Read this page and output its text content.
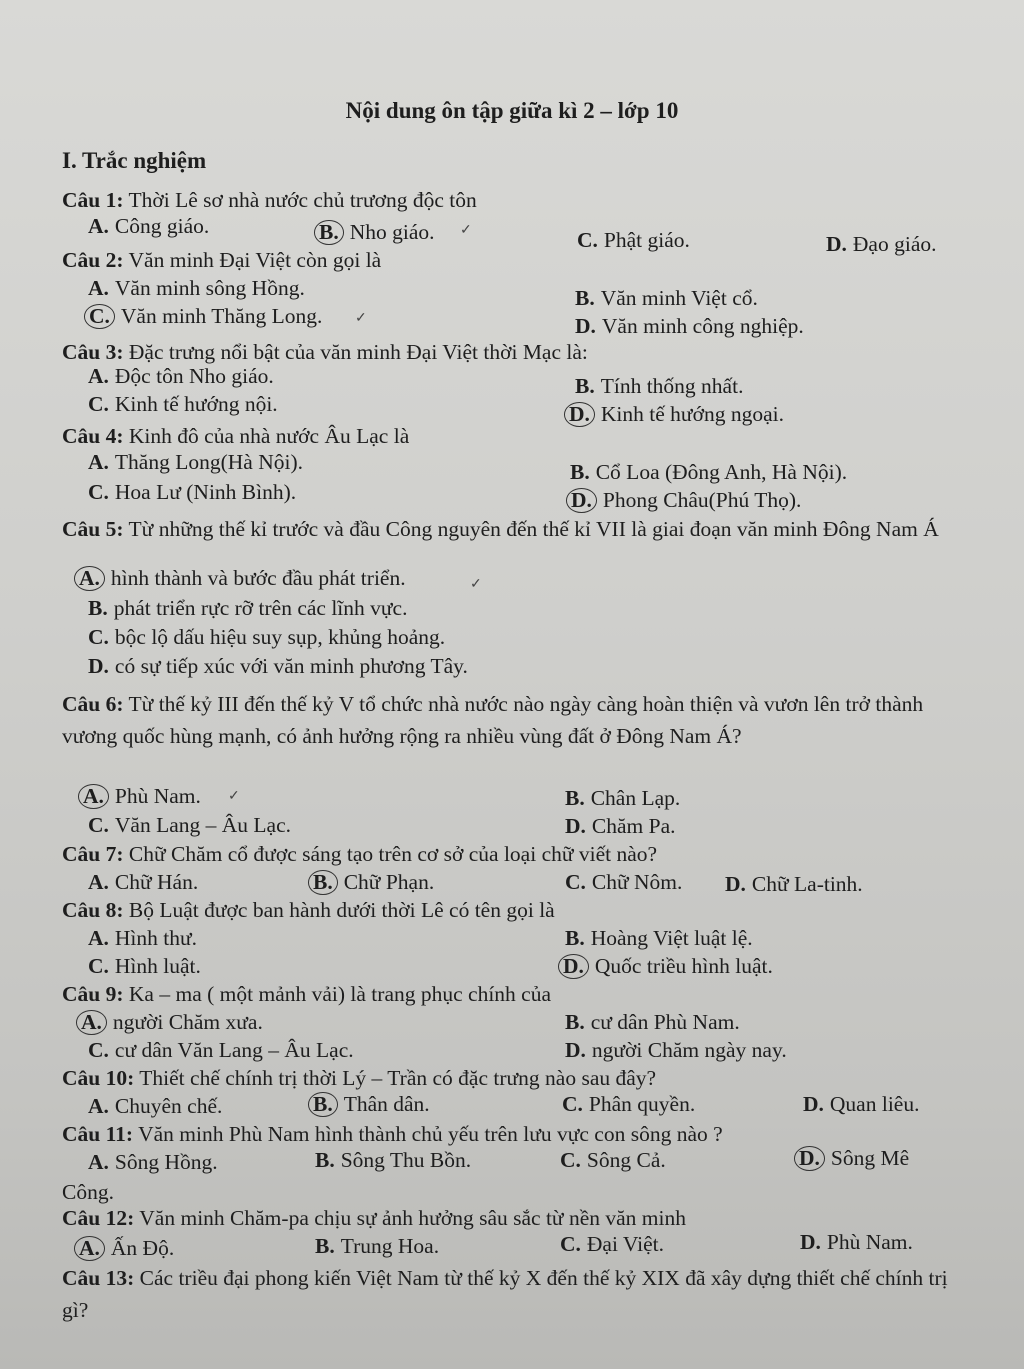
Nội dung ôn tập giữa kì 2 – lớp 10
I. Trắc nghiệm
Câu 1: Thời Lê sơ nhà nước chủ trương độc tôn
A. Công giáo.	B. Nho giáo.	C. Phật giáo.	D. Đạo giáo.
Câu 2: Văn minh Đại Việt còn gọi là
A. Văn minh sông Hồng.	B. Văn minh Việt cổ.
C. Văn minh Thăng Long.	D. Văn minh công nghiệp.
Câu 3: Đặc trưng nổi bật của văn minh Đại Việt thời Mạc là:
A. Độc tôn Nho giáo.	B. Tính thống nhất.
C. Kinh tế hướng nội.	D. Kinh tế hướng ngoại.
Câu 4: Kinh đô của nhà nước Âu Lạc là
A. Thăng Long(Hà Nội).	B. Cổ Loa (Đông Anh, Hà Nội).
C. Hoa Lư (Ninh Bình).	D. Phong Châu(Phú Thọ).
Câu 5: Từ những thế kỉ trước và đầu Công nguyên đến thế kỉ VII là giai đoạn văn minh Đông Nam Á
A. hình thành và bước đầu phát triển.
B. phát triển rực rỡ trên các lĩnh vực.
C. bộc lộ dấu hiệu suy sụp, khủng hoảng.
D. có sự tiếp xúc với văn minh phương Tây.
Câu 6: Từ thế kỷ III đến thế kỷ V tổ chức nhà nước nào ngày càng hoàn thiện và vươn lên trở thành vương quốc hùng mạnh, có ảnh hưởng rộng ra nhiều vùng đất ở Đông Nam Á?
A. Phù Nam.	B. Chân Lạp.
C. Văn Lang – Âu Lạc.	D. Chăm Pa.
Câu 7: Chữ Chăm cổ được sáng tạo trên cơ sở của loại chữ viết nào?
A. Chữ Hán.	B. Chữ Phạn.	C. Chữ Nôm. D. Chữ La-tinh.
Câu 8: Bộ Luật được ban hành dưới thời Lê có tên gọi là
A. Hình thư.	B. Hoàng Việt luật lệ.
C. Hình luật.	D. Quốc triều hình luật.
Câu 9: Ka – ma ( một mảnh vải) là trang phục chính của
A. người Chăm xưa.	B. cư dân Phù Nam.
C. cư dân Văn Lang – Âu Lạc.	D. người Chăm ngày nay.
Câu 10: Thiết chế chính trị thời Lý – Trần có đặc trưng nào sau đây?
A. Chuyên chế.	B. Thân dân.	C. Phân quyền.	D. Quan liêu.
Câu 11: Văn minh Phù Nam hình thành chủ yếu trên lưu vực con sông nào ?
A. Sông Hồng.	B. Sông Thu Bồn.	C. Sông Cả.	D. Sông Mê
Công.
Câu 12: Văn minh Chăm-pa chịu sự ảnh hưởng sâu sắc từ nền văn minh
A. Ấn Độ.	B. Trung Hoa.	C. Đại Việt.	D. Phù Nam.
Câu 13: Các triều đại phong kiến Việt Nam từ thế kỷ X đến thế kỷ XIX đã xây dựng thiết chế chính trị gì?
✓
✓
✓
✓
